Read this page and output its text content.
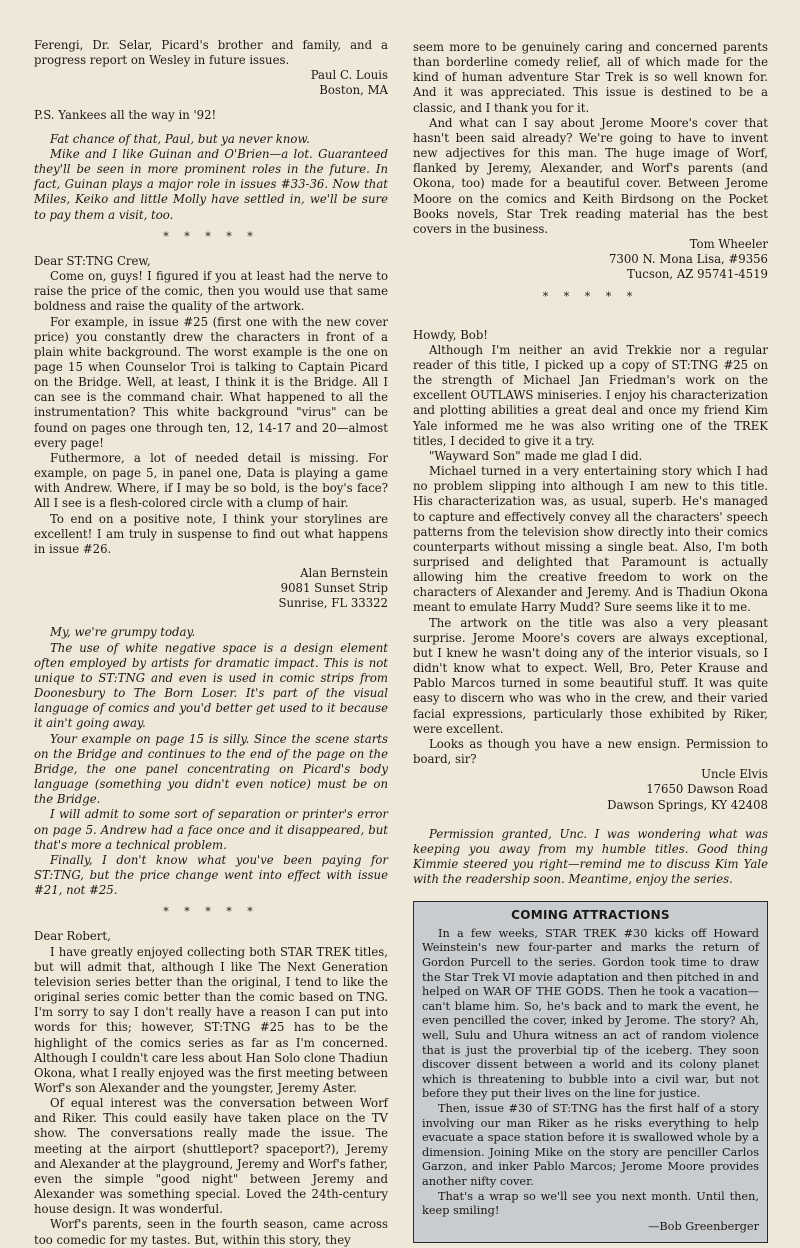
Ferengi, Dr. Selar, Picard's brother and family, and a progress report on Wesley in future issues.

Paul C. Louis
Boston, MA

P.S. Yankees all the way in '92!

Fat chance of that, Paul, but ya never know.

Mike and I like Guinan and O'Brien—a lot. Guaranteed they'll be seen in more prominent roles in the future. In fact, Guinan plays a major role in issues #33-36. Now that Miles, Keiko and little Molly have settled in, we'll be sure to pay them a visit, too.

* * * * *

Dear ST:TNG Crew,

Come on, guys! I figured if you at least had the nerve to raise the price of the comic, then you would use that same boldness and raise the quality of the artwork.

For example, in issue #25 (first one with the new cover price) you constantly drew the characters in front of a plain white background. The worst example is the one on page 15 when Counselor Troi is talking to Captain Picard on the Bridge. Well, at least, I think it is the Bridge. All I can see is the command chair. What happened to all the instrumentation? This white background "virus" can be found on pages one through ten, 12, 14-17 and 20—almost every page!

Futhermore, a lot of needed detail is missing. For example, on page 5, in panel one, Data is playing a game with Andrew. Where, if I may be so bold, is the boy's face? All I see is a flesh-colored circle with a clump of hair.

To end on a positive note, I think your storylines are excellent! I am truly in suspense to find out what happens in issue #26.

Alan Bernstein
9081 Sunset Strip
Sunrise, FL 33322

My, we're grumpy today.

The use of white negative space is a design element often employed by artists for dramatic impact. This is not unique to ST:TNG and even is used in comic strips from Doonesbury to The Born Loser. It's part of the visual language of comics and you'd better get used to it because it ain't going away.

Your example on page 15 is silly. Since the scene starts on the Bridge and continues to the end of the page on the Bridge, the one panel concentrating on Picard's body language (something you didn't even notice) must be on the Bridge.

I will admit to some sort of separation or printer's error on page 5. Andrew had a face once and it disappeared, but that's more a technical problem.

Finally, I don't know what you've been paying for ST:TNG, but the price change went into effect with issue #21, not #25.

* * * * *

Dear Robert,

I have greatly enjoyed collecting both STAR TREK titles, but will admit that, although I like The Next Generation television series better than the original, I tend to like the original series comic better than the comic based on TNG. I'm sorry to say I don't really have a reason I can put into words for this; however, ST:TNG #25 has to be the highlight of the comics series as far as I'm concerned. Although I couldn't care less about Han Solo clone Thadiun Okona, what I really enjoyed was the first meeting between Worf's son Alexander and the youngster, Jeremy Aster.

Of equal interest was the conversation between Worf and Riker. This could easily have taken place on the TV show. The conversations really made the issue. The meeting at the airport (shuttleport? spaceport?), Jeremy and Alexander at the playground, Jeremy and Worf's father, even the simple "good night" between Jeremy and Alexander was something special. Loved the 24th-century house design. It was wonderful.

Worf's parents, seen in the fourth season, came across too comedic for my tastes. But, within this story, they

seem more to be genuinely caring and concerned parents than borderline comedy relief, all of which made for the kind of human adventure Star Trek is so well known for. And it was appreciated. This issue is destined to be a classic, and I thank you for it.

And what can I say about Jerome Moore's cover that hasn't been said already? We're going to have to invent new adjectives for this man. The huge image of Worf, flanked by Jeremy, Alexander, and Worf's parents (and Okona, too) made for a beautiful cover. Between Jerome Moore on the comics and Keith Birdsong on the Pocket Books novels, Star Trek reading material has the best covers in the business.

Tom Wheeler
7300 N. Mona Lisa, #9356
Tucson, AZ 95741-4519
* * * * *

Howdy, Bob!

Although I'm neither an avid Trekkie nor a regular reader of this title, I picked up a copy of ST:TNG #25 on the strength of Michael Jan Friedman's work on the excellent OUTLAWS miniseries. I enjoy his characterization and plotting abilities a great deal and once my friend Kim Yale informed me he was also writing one of the TREK titles, I decided to give it a try.

"Wayward Son" made me glad I did.

Michael turned in a very entertaining story which I had no problem slipping into although I am new to this title. His characterization was, as usual, superb. He's managed to capture and effectively convey all the characters' speech patterns from the television show directly into their comics counterparts without missing a single beat. Also, I'm both surprised and delighted that Paramount is actually allowing him the creative freedom to work on the characters of Alexander and Jeremy. And is Thadiun Okona meant to emulate Harry Mudd? Sure seems like it to me.

The artwork on the title was also a very pleasant surprise. Jerome Moore's covers are always exceptional, but I knew he wasn't doing any of the interior visuals, so I didn't know what to expect. Well, Bro, Peter Krause and Pablo Marcos turned in some beautiful stuff. It was quite easy to discern who was who in the crew, and their varied facial expressions, particularly those exhibited by Riker, were excellent.

Looks as though you have a new ensign. Permission to board, sir?

Uncle Elvis
17650 Dawson Road
Dawson Springs, KY 42408

Permission granted, Unc. I was wondering what was keeping you away from my humble titles. Good thing Kimmie steered you right—remind me to discuss Kim Yale with the readership soon. Meantime, enjoy the series.

COMING ATTRACTIONS

In a few weeks, STAR TREK #30 kicks off Howard Weinstein's new four-parter and marks the return of Gordon Purcell to the series. Gordon took time to draw the Star Trek VI movie adaptation and then pitched in and helped on WAR OF THE GODS. Then he took a vacation—can't blame him. So, he's back and to mark the event, he even pencilled the cover, inked by Jerome. The story? Ah, well, Sulu and Uhura witness an act of random violence that is just the proverbial tip of the iceberg. They soon discover dissent between a world and its colony planet which is threatening to bubble into a civil war, but not before they put their lives on the line for justice.

Then, issue #30 of ST:TNG has the first half of a story involving our man Riker as he risks everything to help evacuate a space station before it is swallowed whole by a dimension. Joining Mike on the story are penciller Carlos Garzon, and inker Pablo Marcos; Jerome Moore provides another nifty cover.

That's a wrap so we'll see you next month. Until then, keep smiling!

—Bob Greenberger
